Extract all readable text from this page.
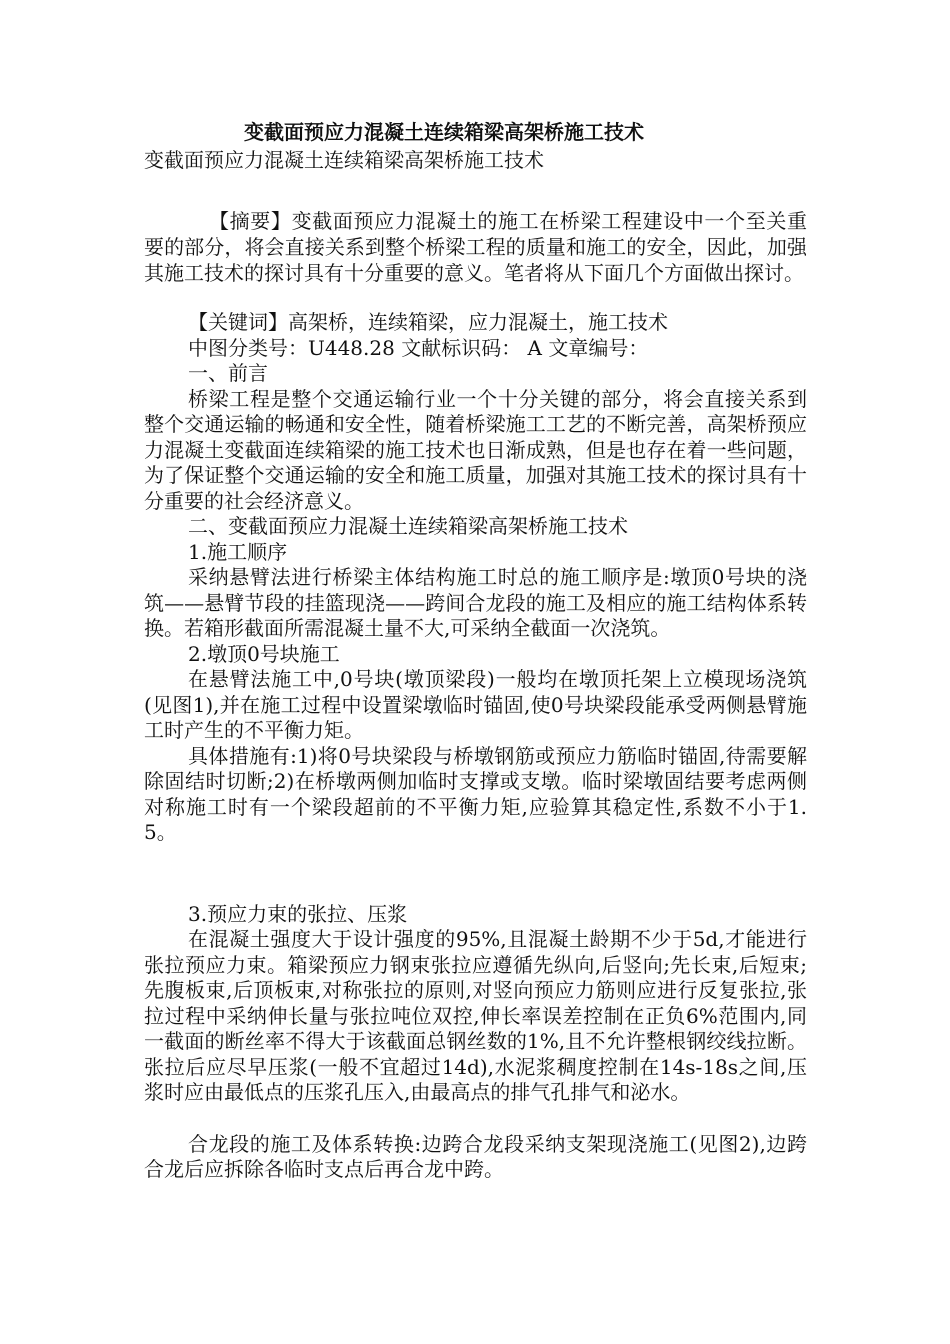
变截面预应力混凝土连续箱梁高架桥施工技术

变截面预应力混凝土连续箱梁高架桥施工技术

【摘要】变截面预应力混凝土的施工在桥梁工程建设中一个至关重要的部分，将会直接关系到整个桥梁工程的质量和施工的安全，因此，加强其施工技术的探讨具有十分重要的意义。笔者将从下面几个方面做出探讨。

【关键词】高架桥，连续箱梁，应力混凝土，施工技术

中图分类号：U448.28 文献标识码： A 文章编号：

一、前言

桥梁工程是整个交通运输行业一个十分关键的部分，将会直接关系到整个交通运输的畅通和安全性，随着桥梁施工工艺的不断完善，高架桥预应力混凝土变截面连续箱梁的施工技术也日渐成熟，但是也存在着一些问题，为了保证整个交通运输的安全和施工质量，加强对其施工技术的探讨具有十分重要的社会经济意义。

二、变截面预应力混凝土连续箱梁高架桥施工技术

1.施工顺序

采纳悬臂法进行桥梁主体结构施工时总的施工顺序是:墩顶0号块的浇筑——悬臂节段的挂篮现浇——跨间合龙段的施工及相应的施工结构体系转换。若箱形截面所需混凝土量不大,可采纳全截面一次浇筑。

2.墩顶0号块施工

在悬臂法施工中,0号块(墩顶梁段)一般均在墩顶托架上立模现场浇筑(见图1),并在施工过程中设置梁墩临时锚固,使0号块梁段能承受两侧悬臂施工时产生的不平衡力矩。

具体措施有:1)将0号块梁段与桥墩钢筋或预应力筋临时锚固,待需要解除固结时切断;2)在桥墩两侧加临时支撑或支墩。临时梁墩固结要考虑两侧对称施工时有一个梁段超前的不平衡力矩,应验算其稳定性,系数不小于1.5。

3.预应力束的张拉、压浆

在混凝土强度大于设计强度的95%,且混凝土龄期不少于5d,才能进行张拉预应力束。箱梁预应力钢束张拉应遵循先纵向,后竖向;先长束,后短束;先腹板束,后顶板束,对称张拉的原则,对竖向预应力筋则应进行反复张拉,张拉过程中采纳伸长量与张拉吨位双控,伸长率误差控制在正负6%范围内,同一截面的断丝率不得大于该截面总钢丝数的1%,且不允许整根钢绞线拉断。张拉后应尽早压浆(一般不宜超过14d),水泥浆稠度控制在14s-18s之间,压浆时应由最低点的压浆孔压入,由最高点的排气孔排气和泌水。

合龙段的施工及体系转换:边跨合龙段采纳支架现浇施工(见图2),边跨合龙后应拆除各临时支点后再合龙中跨。
